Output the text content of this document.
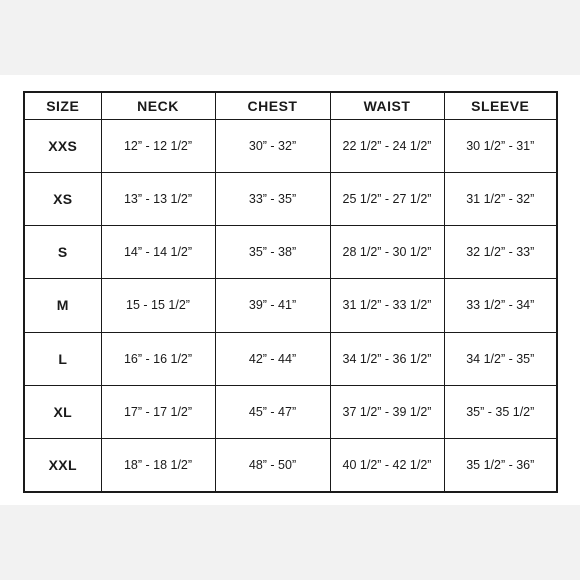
SIZE	NECK	CHEST	WAIST	SLEEVE
XXS	12” - 12 1/2”	30” - 32”	22 1/2” - 24 1/2”	30 1/2” - 31”
XS	13” - 13 1/2”	33” - 35”	25 1/2” - 27 1/2”	31 1/2” - 32”
S	14” - 14 1/2”	35” - 38”	28 1/2” - 30 1/2”	32 1/2” - 33”
M	15 - 15 1/2”	39” - 41”	31 1/2” - 33 1/2”	33 1/2” - 34”
L	16” - 16 1/2”	42” - 44”	34 1/2” - 36 1/2”	34 1/2” - 35”
XL	17” - 17 1/2”	45” - 47”	37 1/2” - 39 1/2”	35” - 35 1/2”
XXL	18” - 18 1/2”	48” - 50”	40 1/2” - 42 1/2”	35 1/2” - 36”
